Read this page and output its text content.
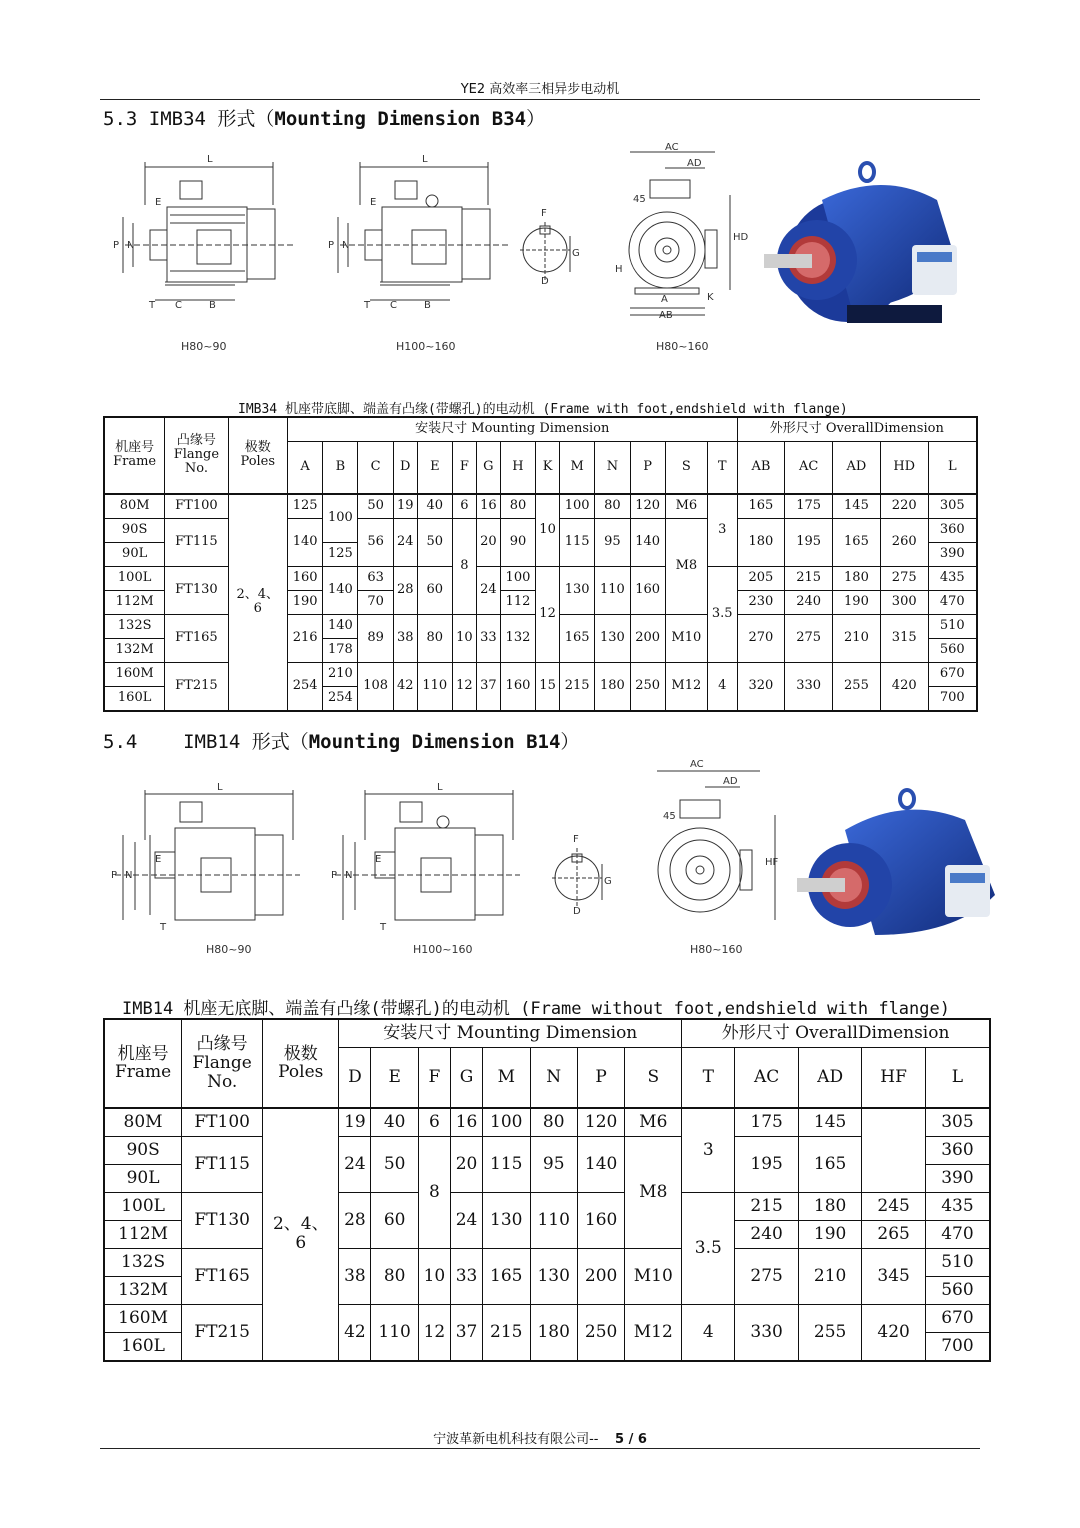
YE2 高效率三相异步电动机
5.3 IMB34 形式（Mounting Dimension B34）
L
E
P N
T C	B
L
E
P N
T C	B
F
G
D
AC
AD
45
HD
H
A
AB
K
H80~90	H100~160	H80~160
IMB34 机座带底脚、端盖有凸缘(带螺孔)的电动机 (Frame with foot,endshield with flange)
机座号
Frame	凸缘号
Flange
No.	极数
Poles	安装尺寸 Mounting Dimension														外形尺寸 OverallDimension				
			A	B	C	D	E	F	G	H	K	M	N	P	S	T	AB	AC	AD	HD	L
80M	FT100	2、4、
6	125	100	50	19	40	6	16	80	10	100	80	120	M6	3	165	175	145	220	305
90S	FT115		140		56	24	50	8	20	90		115	95	140	M8		180	195	165	260	360
90L				125																	390
100L	FT130		160	140	63	28	60		24	100	12	130	110	160		3.5	205	215	180	275	435
112M			190		70					112							230	240	190	300	470
132S	FT165		216	140	89	38	80	10	33	132		165	130	200	M10		270	275	210	315	510
132M				178																	560
160M	FT215		254	210	108	42	110	12	37	160	15	215	180	250	M12	4	320	330	255	420	670
160L				254																	700
5.4 IMB14 形式（Mounting Dimension B14）
L
E
P N
T
L
E
P N
T
F
G
D
AC
AD
45
HF
H80~90	H100~160	H80~160
IMB14 机座无底脚、端盖有凸缘(带螺孔)的电动机 (Frame without foot,endshield with flange)
机座号
Frame	凸缘号
Flange
No.	极数
Poles	安装尺寸 Mounting Dimension								外形尺寸 OverallDimension				
			D	E	F	G	M	N	P	S	T	AC	AD	HF	L
80M	FT100	2、4、
6	19	40	6	16	100	80	120	M6	3	175	145		305
90S	FT115		24	50	8	20	115	95	140	M8		195	165		360
90L															390
100L	FT130		28	60		24	130	110	160		3.5	215	180	245	435
112M												240	190	265	470
132S	FT165		38	80	10	33	165	130	200	M10		275	210	345	510
132M															560
160M	FT215		42	110	12	37	215	180	250	M12	4	330	255	420	670
160L															700
宁波革新电机科技有限公司-- 5 / 6
